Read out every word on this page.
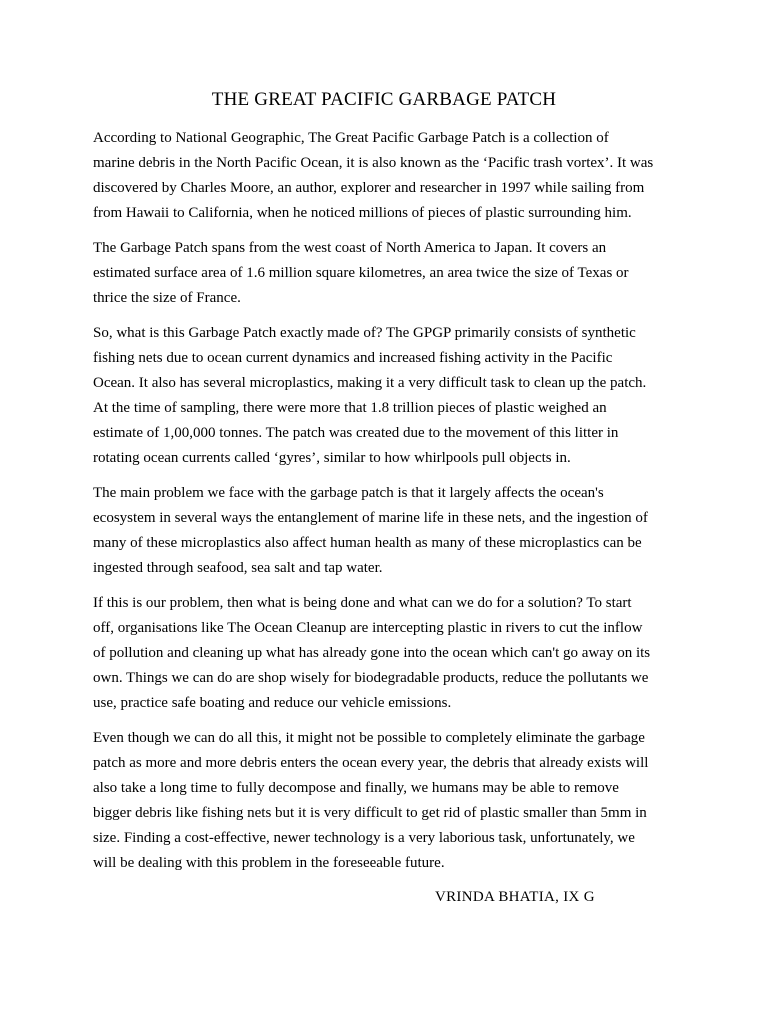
THE GREAT PACIFIC GARBAGE PATCH

According to National Geographic, The Great Pacific Garbage Patch is a collection of
marine debris in the North Pacific Ocean, it is also known as the ‘Pacific trash vortex’. It was
discovered by Charles Moore, an author, explorer and researcher in 1997 while sailing from
from Hawaii to California, when he noticed millions of pieces of plastic surrounding him.

The Garbage Patch spans from the west coast of North America to Japan. It covers an
estimated surface area of 1.6 million square kilometres, an area twice the size of Texas or
thrice the size of France.

So, what is this Garbage Patch exactly made of? The GPGP primarily consists of synthetic
fishing nets due to ocean current dynamics and increased fishing activity in the Pacific
Ocean. It also has several microplastics, making it a very difficult task to clean up the patch.
At the time of sampling, there were more that 1.8 trillion pieces of plastic weighed an
estimate of 1,00,000 tonnes. The patch was created due to the movement of this litter in
rotating ocean currents called ‘gyres’, similar to how whirlpools pull objects in.

The main problem we face with the garbage patch is that it largely affects the ocean's
ecosystem in several ways the entanglement of marine life in these nets, and the ingestion of
many of these microplastics also affect human health as many of these microplastics can be
ingested through seafood, sea salt and tap water.

If this is our problem, then what is being done and what can we do for a solution? To start
off, organisations like The Ocean Cleanup are intercepting plastic in rivers to cut the inflow
of pollution and cleaning up what has already gone into the ocean which can't go away on its
own. Things we can do are shop wisely for biodegradable products, reduce the pollutants we
use, practice safe boating and reduce our vehicle emissions.

Even though we can do all this, it might not be possible to completely eliminate the garbage
patch as more and more debris enters the ocean every year, the debris that already exists will
also take a long time to fully decompose and finally, we humans may be able to remove
bigger debris like fishing nets but it is very difficult to get rid of plastic smaller than 5mm in
size. Finding a cost-effective, newer technology is a very laborious task, unfortunately, we
will be dealing with this problem in the foreseeable future.

VRINDA BHATIA, IX G
